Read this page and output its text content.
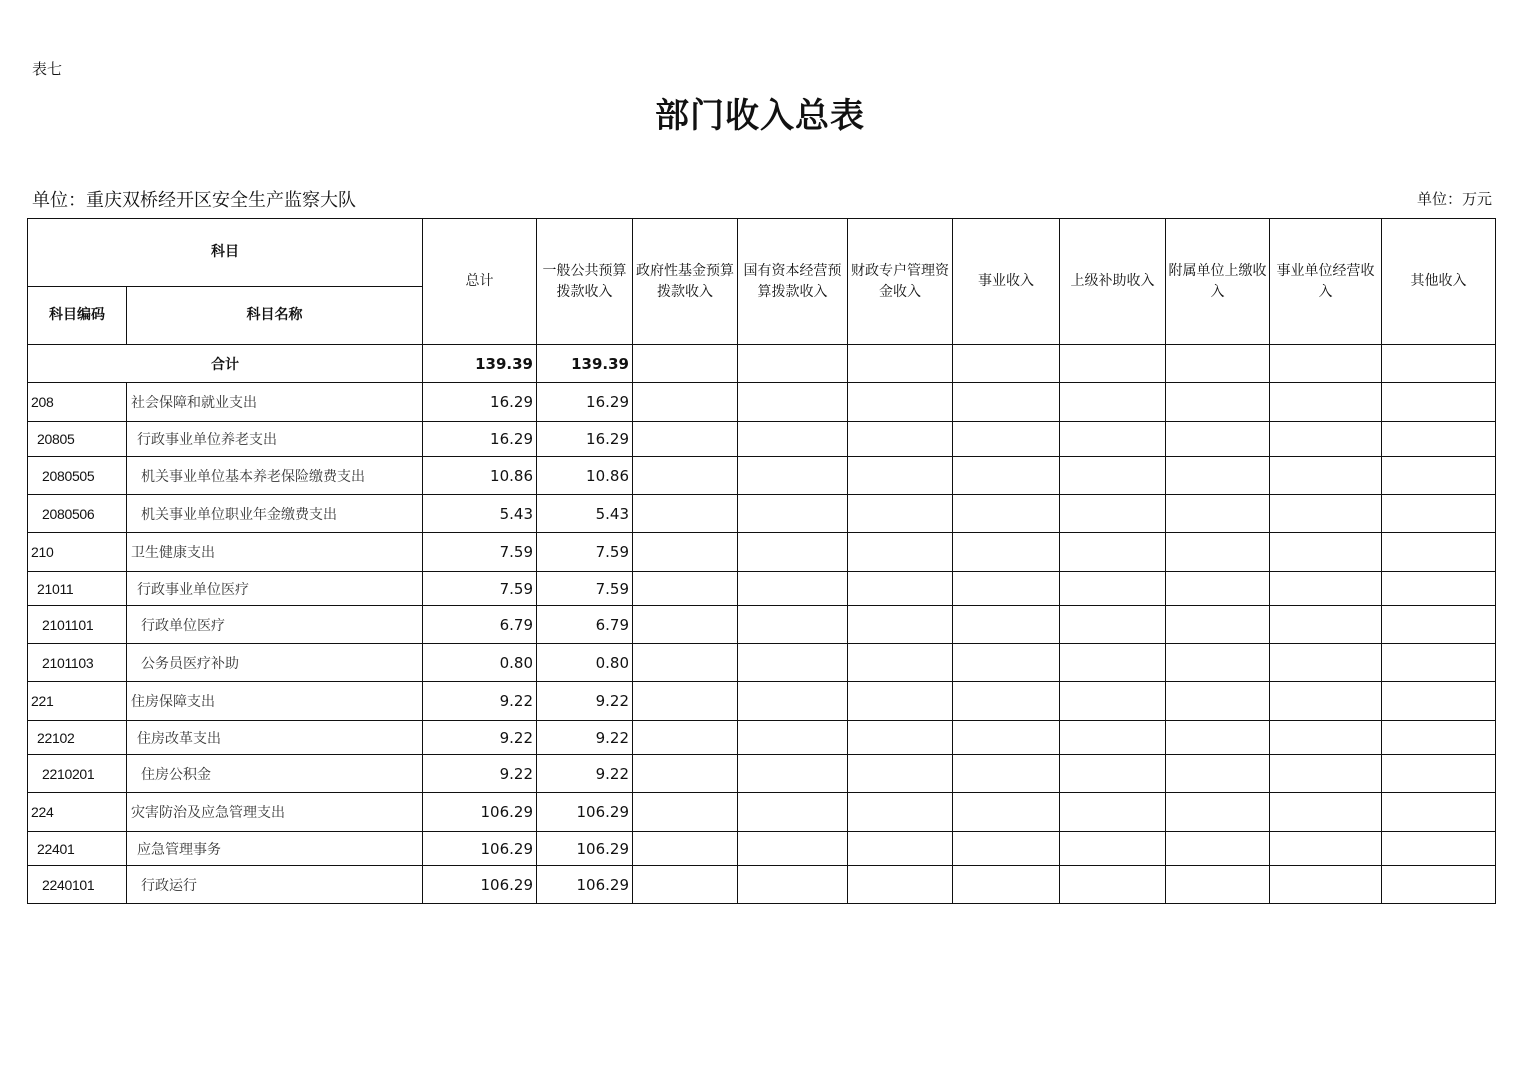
表七
部门收入总表
单位：重庆双桥经开区安全生产监察大队	单位：万元
科目		总计	一般公共预算拨款收入	政府性基金预算拨款收入	国有资本经营预算拨款收入	财政专户管理资金收入	事业收入	上级补助收入	附属单位上缴收入	事业单位经营收入	其他收入
科目编码	科目名称										
合计		139.39	139.39								
208	社会保障和就业支出	16.29	16.29								
20805	行政事业单位养老支出	16.29	16.29								
2080505	机关事业单位基本养老保险缴费支出	10.86	10.86								
2080506	机关事业单位职业年金缴费支出	5.43	5.43								
210	卫生健康支出	7.59	7.59								
21011	行政事业单位医疗	7.59	7.59								
2101101	行政单位医疗	6.79	6.79								
2101103	公务员医疗补助	0.80	0.80								
221	住房保障支出	9.22	9.22								
22102	住房改革支出	9.22	9.22								
2210201	住房公积金	9.22	9.22								
224	灾害防治及应急管理支出	106.29	106.29								
22401	应急管理事务	106.29	106.29								
2240101	行政运行	106.29	106.29								
